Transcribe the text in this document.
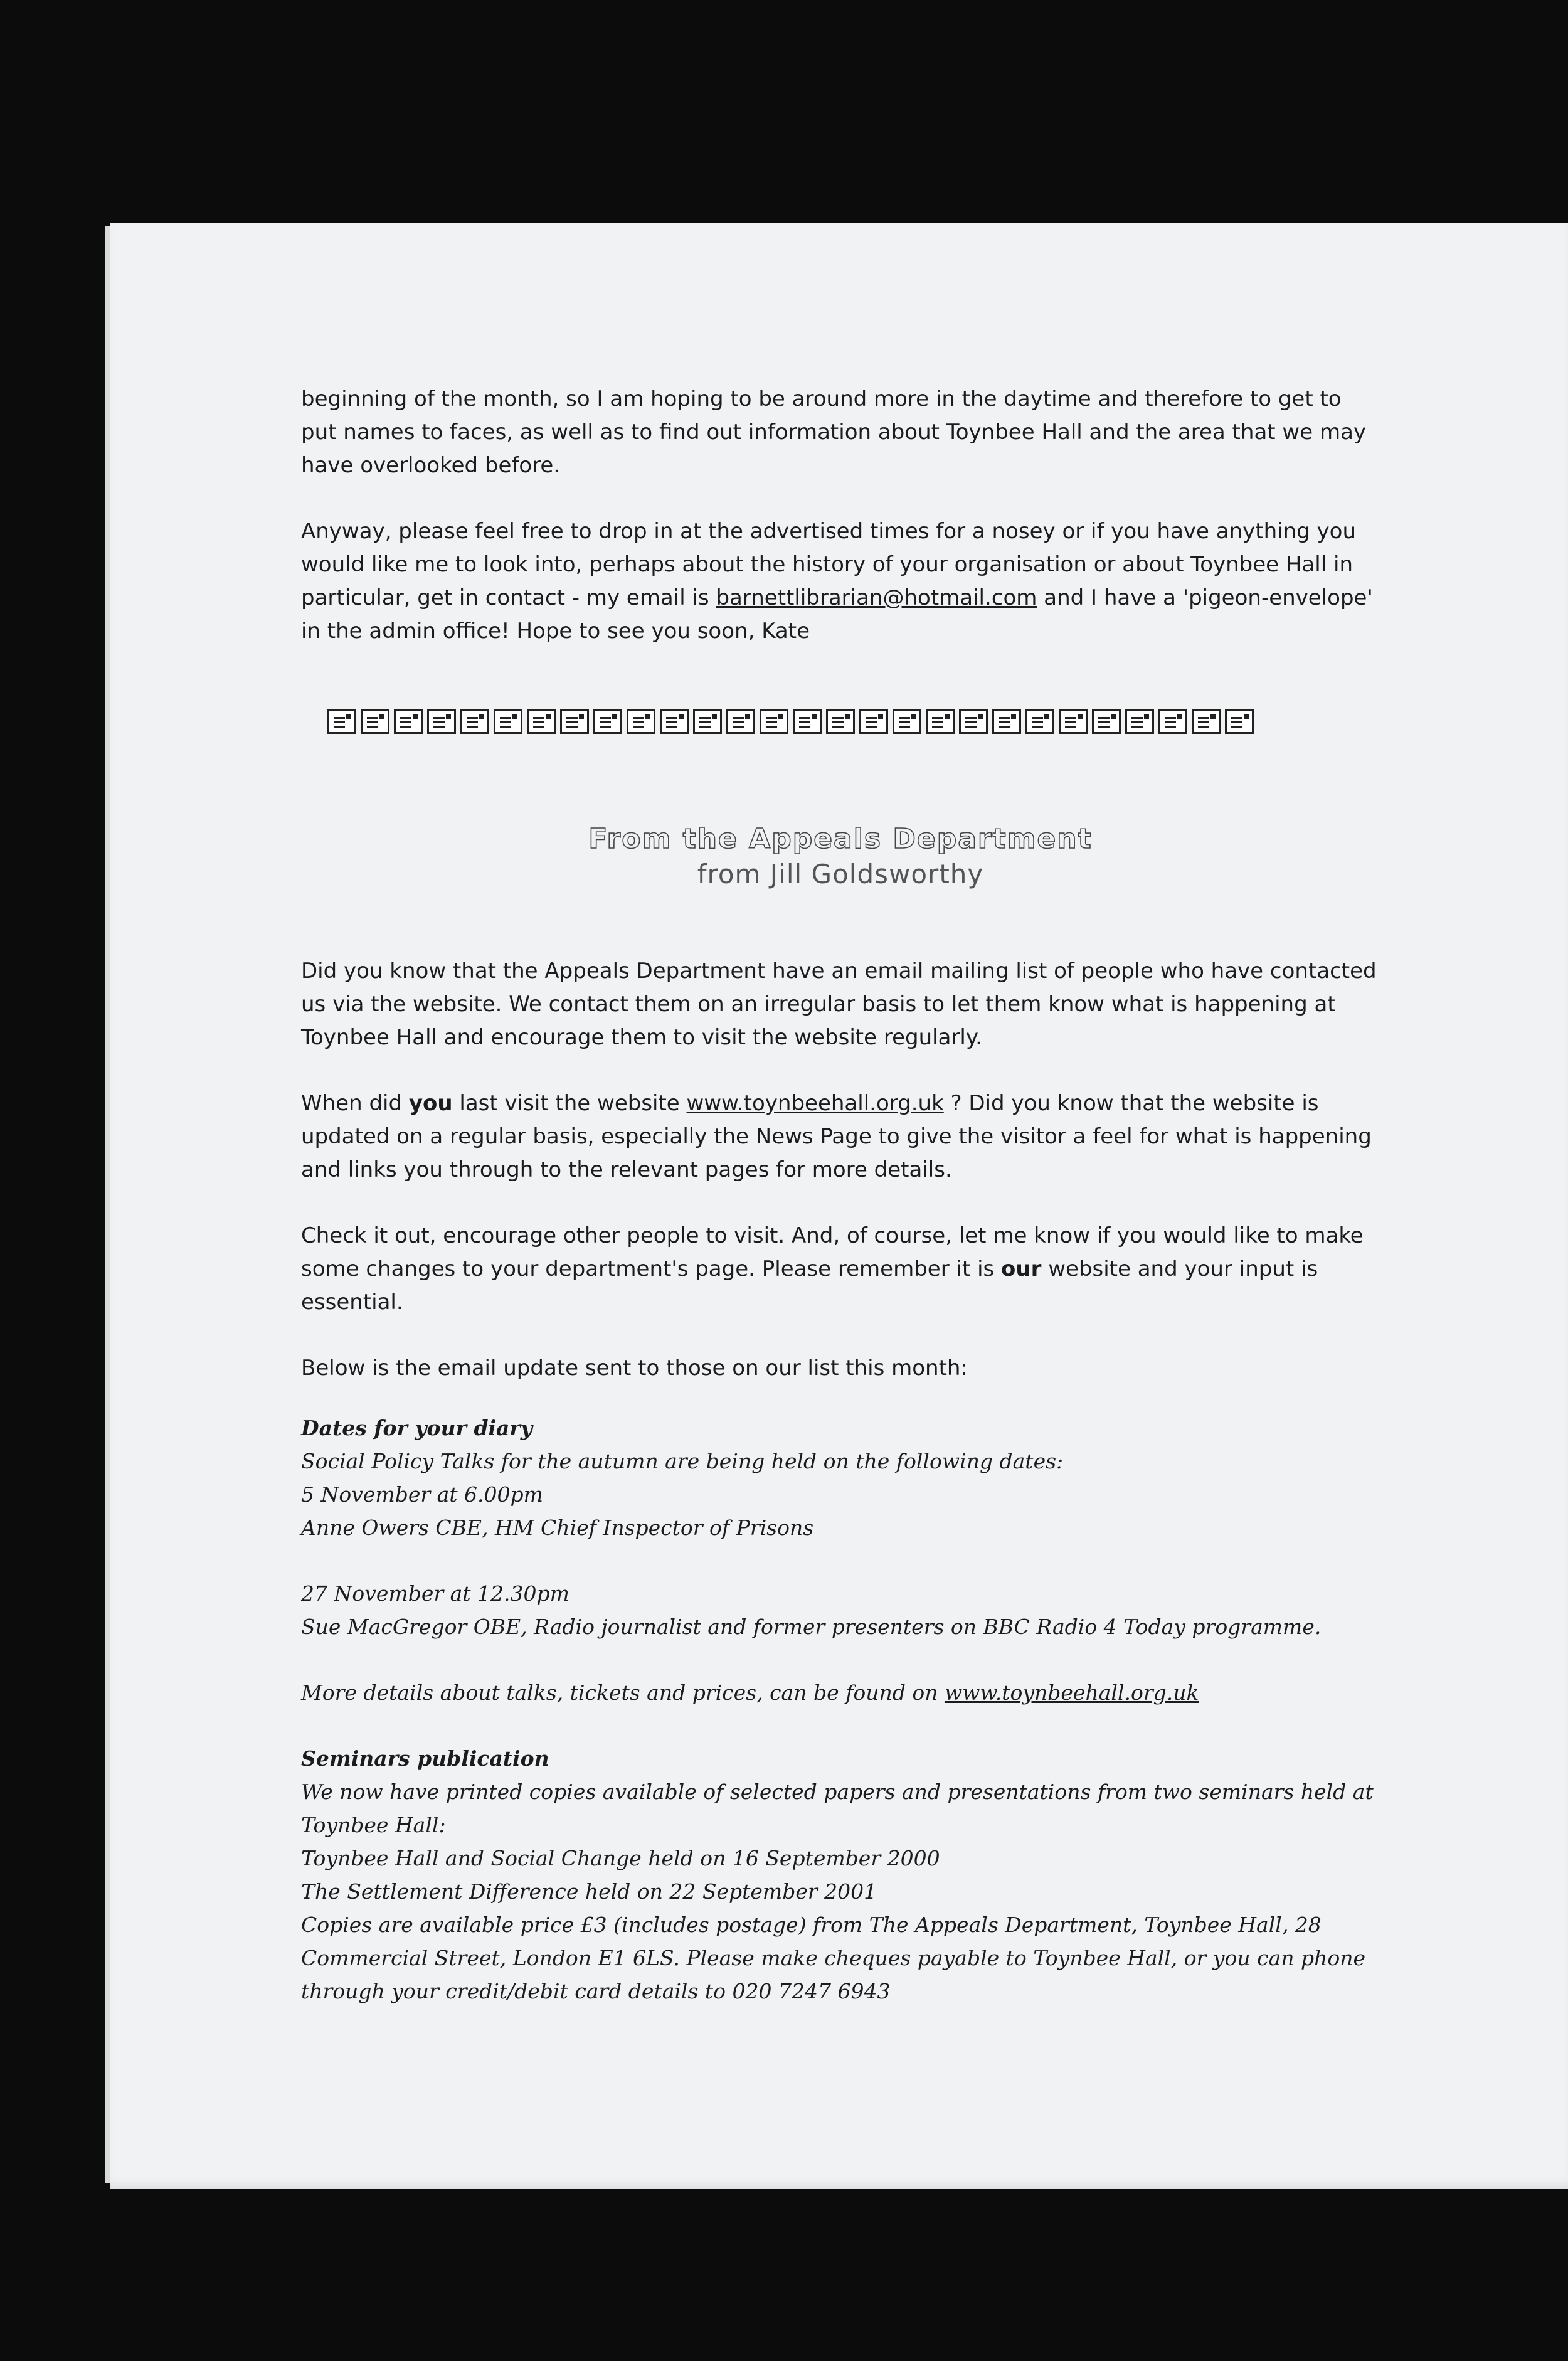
beginning of the month, so I am hoping to be around more in the daytime and therefore to get to put names to faces, as well as to find out information about Toynbee Hall and the area that we may have overlooked before.

Anyway, please feel free to drop in at the advertised times for a nosey or if you have anything you would like me to look into, perhaps about the history of your organisation or about Toynbee Hall in particular, get in contact - my email is barnettlibrarian@hotmail.com and I have a 'pigeon-envelope' in the admin office! Hope to see you soon, Kate

From the Appeals Department

from Jill Goldsworthy

Did you know that the Appeals Department have an email mailing list of people who have contacted us via the website. We contact them on an irregular basis to let them know what is happening at Toynbee Hall and encourage them to visit the website regularly.

When did you last visit the website www.toynbeehall.org.uk ? Did you know that the website is updated on a regular basis, especially the News Page to give the visitor a feel for what is happening and links you through to the relevant pages for more details.

Check it out, encourage other people to visit. And, of course, let me know if you would like to make some changes to your department's page. Please remember it is our website and your input is essential.

Below is the email update sent to those on our list this month:

Dates for your diary

Social Policy Talks for the autumn are being held on the following dates:

5 November at 6.00pm

Anne Owers CBE, HM Chief Inspector of Prisons

27 November at 12.30pm

Sue MacGregor OBE, Radio journalist and former presenters on BBC Radio 4 Today programme.

More details about talks, tickets and prices, can be found on www.toynbeehall.org.uk

Seminars publication

We now have printed copies available of selected papers and presentations from two seminars held at Toynbee Hall:

Toynbee Hall and Social Change held on 16 September 2000

The Settlement Difference held on 22 September 2001

Copies are available price £3 (includes postage) from The Appeals Department, Toynbee Hall, 28 Commercial Street, London E1 6LS. Please make cheques payable to Toynbee Hall, or you can phone through your credit/debit card details to 020 7247 6943
